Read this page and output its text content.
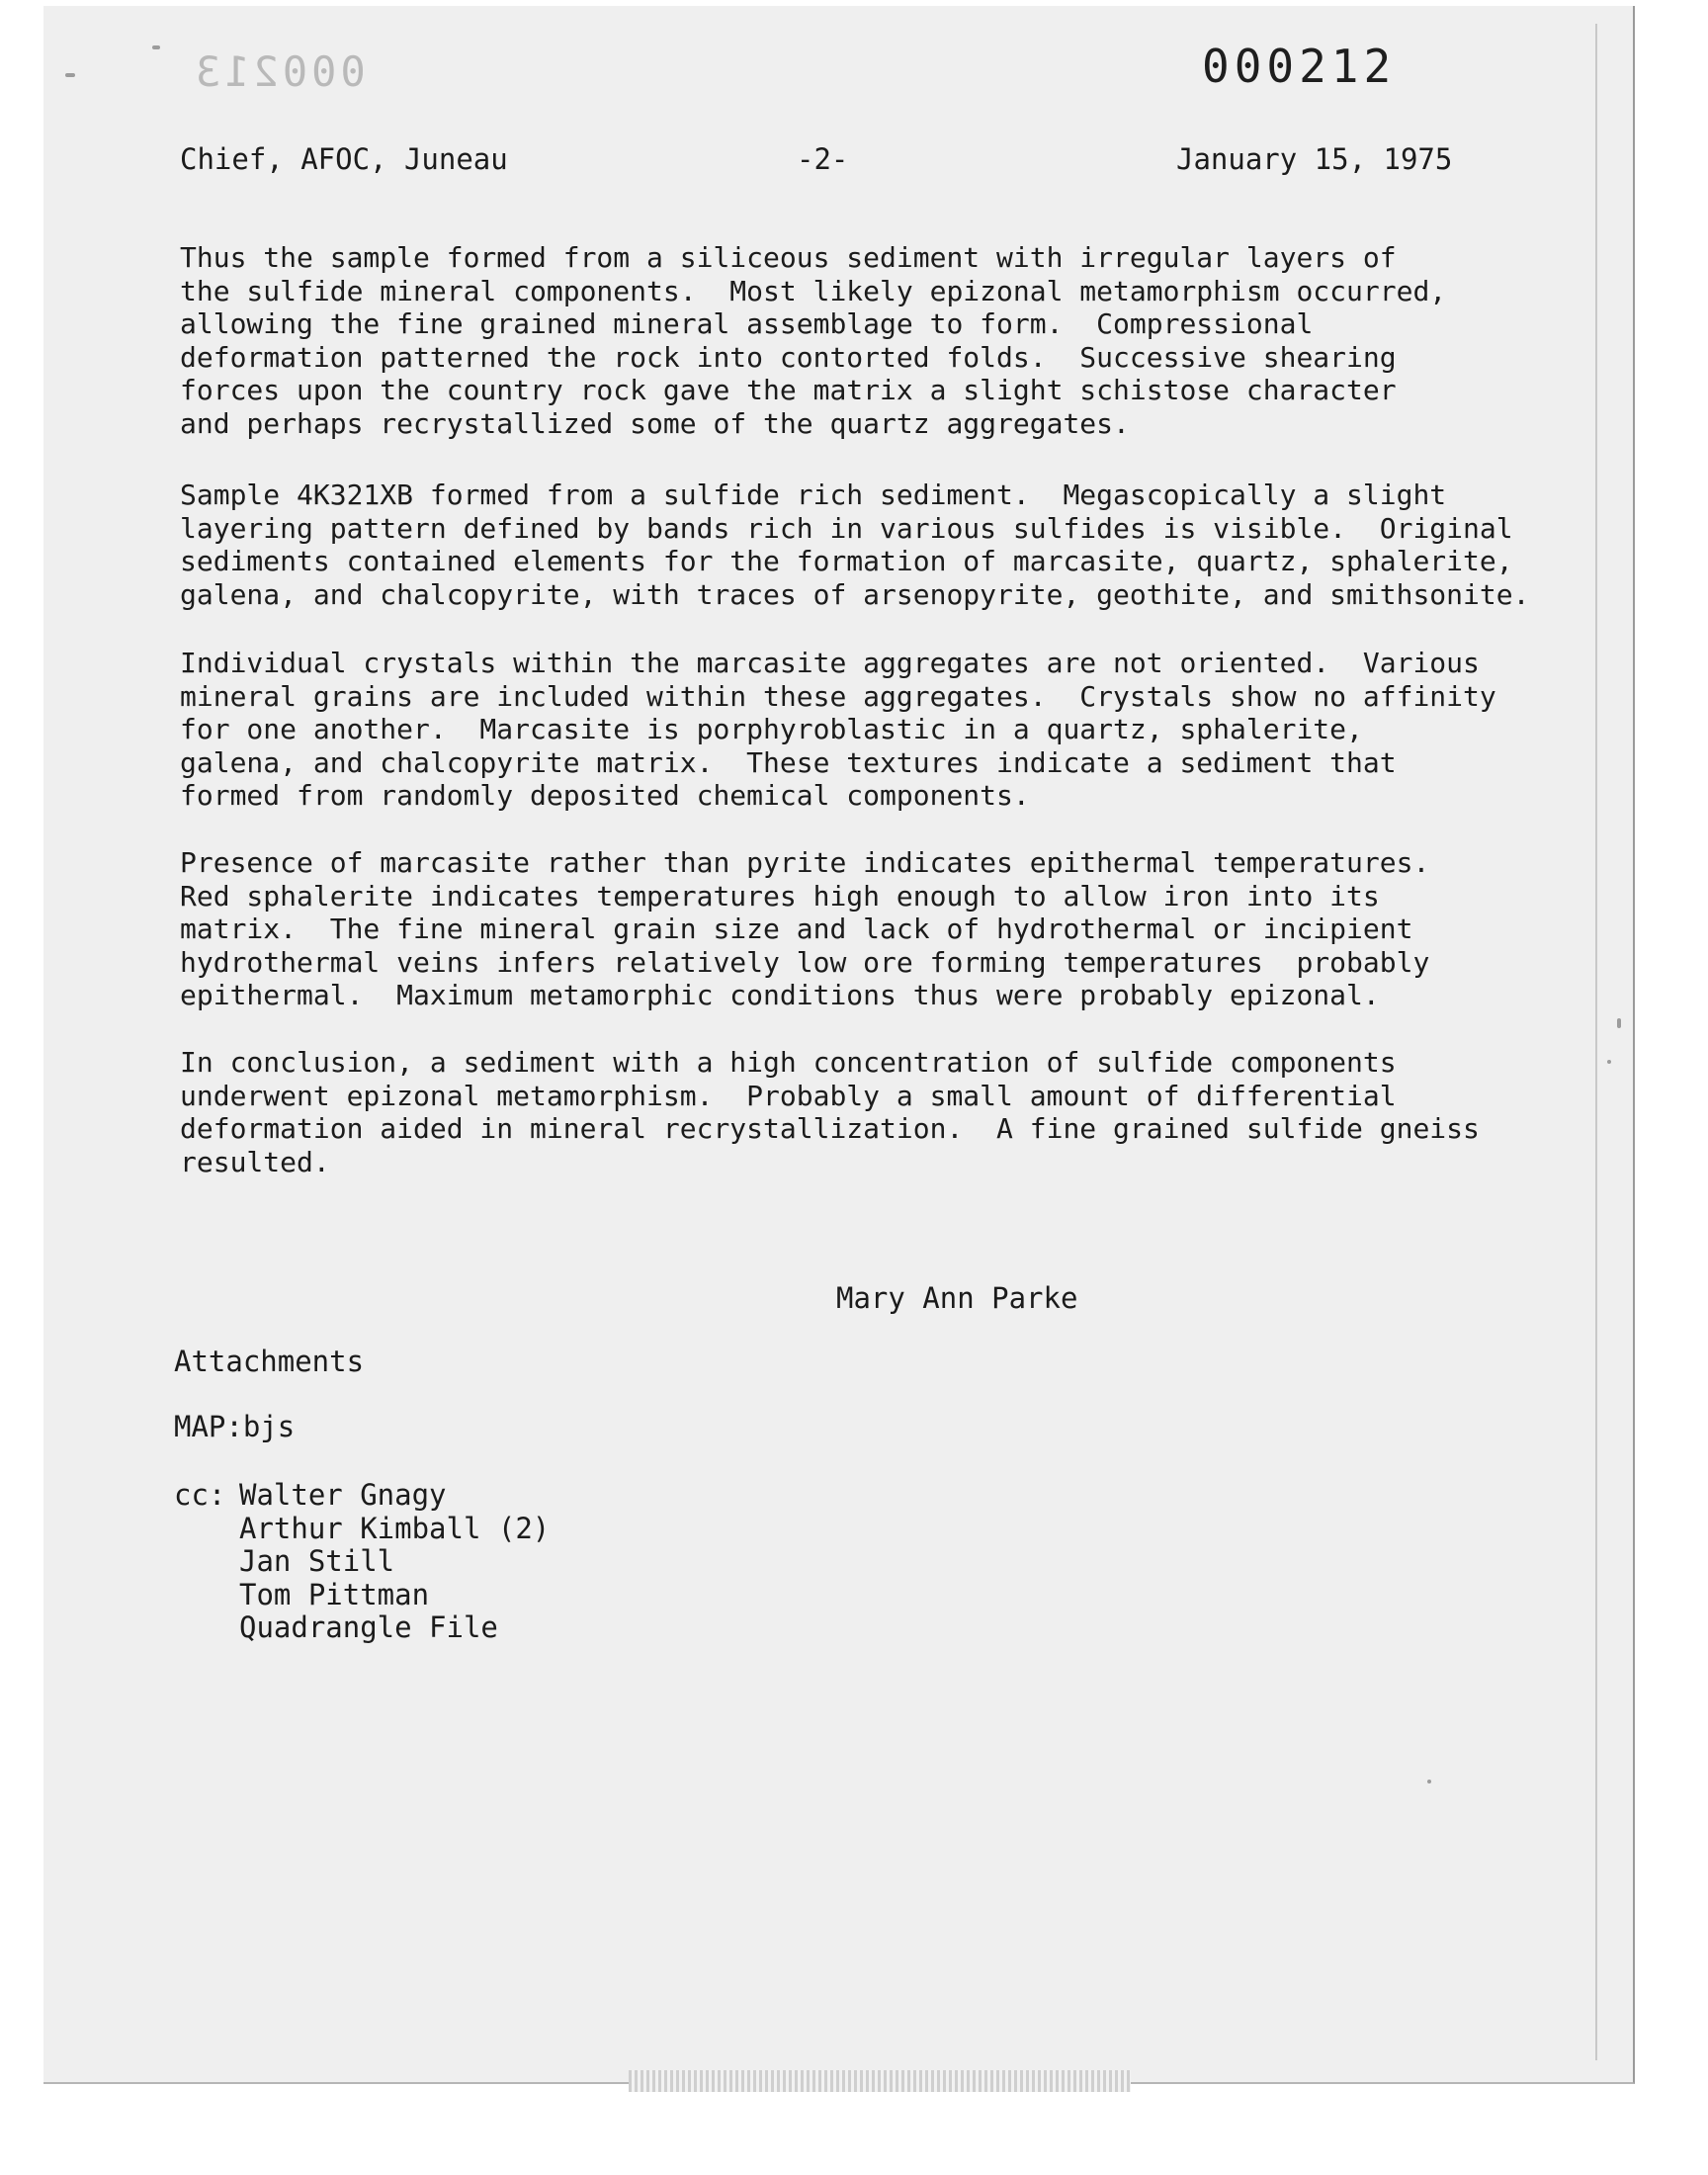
000213	000212
Chief, AFOC, Juneau	-2-	January 15, 1975

Thus the sample formed from a siliceous sediment with irregular layers of
the sulfide mineral components.  Most likely epizonal metamorphism occurred,
allowing the fine grained mineral assemblage to form.  Compressional
deformation patterned the rock into contorted folds.  Successive shearing
forces upon the country rock gave the matrix a slight schistose character
and perhaps recrystallized some of the quartz aggregates.

Sample 4K321XB formed from a sulfide rich sediment.  Megascopically a slight
layering pattern defined by bands rich in various sulfides is visible.  Original
sediments contained elements for the formation of marcasite, quartz, sphalerite,
galena, and chalcopyrite, with traces of arsenopyrite, geothite, and smithsonite.

Individual crystals within the marcasite aggregates are not oriented.  Various
mineral grains are included within these aggregates.  Crystals show no affinity
for one another.  Marcasite is porphyroblastic in a quartz, sphalerite,
galena, and chalcopyrite matrix.  These textures indicate a sediment that
formed from randomly deposited chemical components.

Presence of marcasite rather than pyrite indicates epithermal temperatures.
Red sphalerite indicates temperatures high enough to allow iron into its
matrix.  The fine mineral grain size and lack of hydrothermal or incipient
hydrothermal veins infers relatively low ore forming temperatures  probably
epithermal.  Maximum metamorphic conditions thus were probably epizonal.

In conclusion, a sediment with a high concentration of sulfide components
underwent epizonal metamorphism.  Probably a small amount of differential
deformation aided in mineral recrystallization.  A fine grained sulfide gneiss
resulted.

Mary Ann Parke
Attachments
MAP:bjs
cc: Walter Gnagy
Arthur Kimball (2)
Jan Still
Tom Pittman
Quadrangle File
